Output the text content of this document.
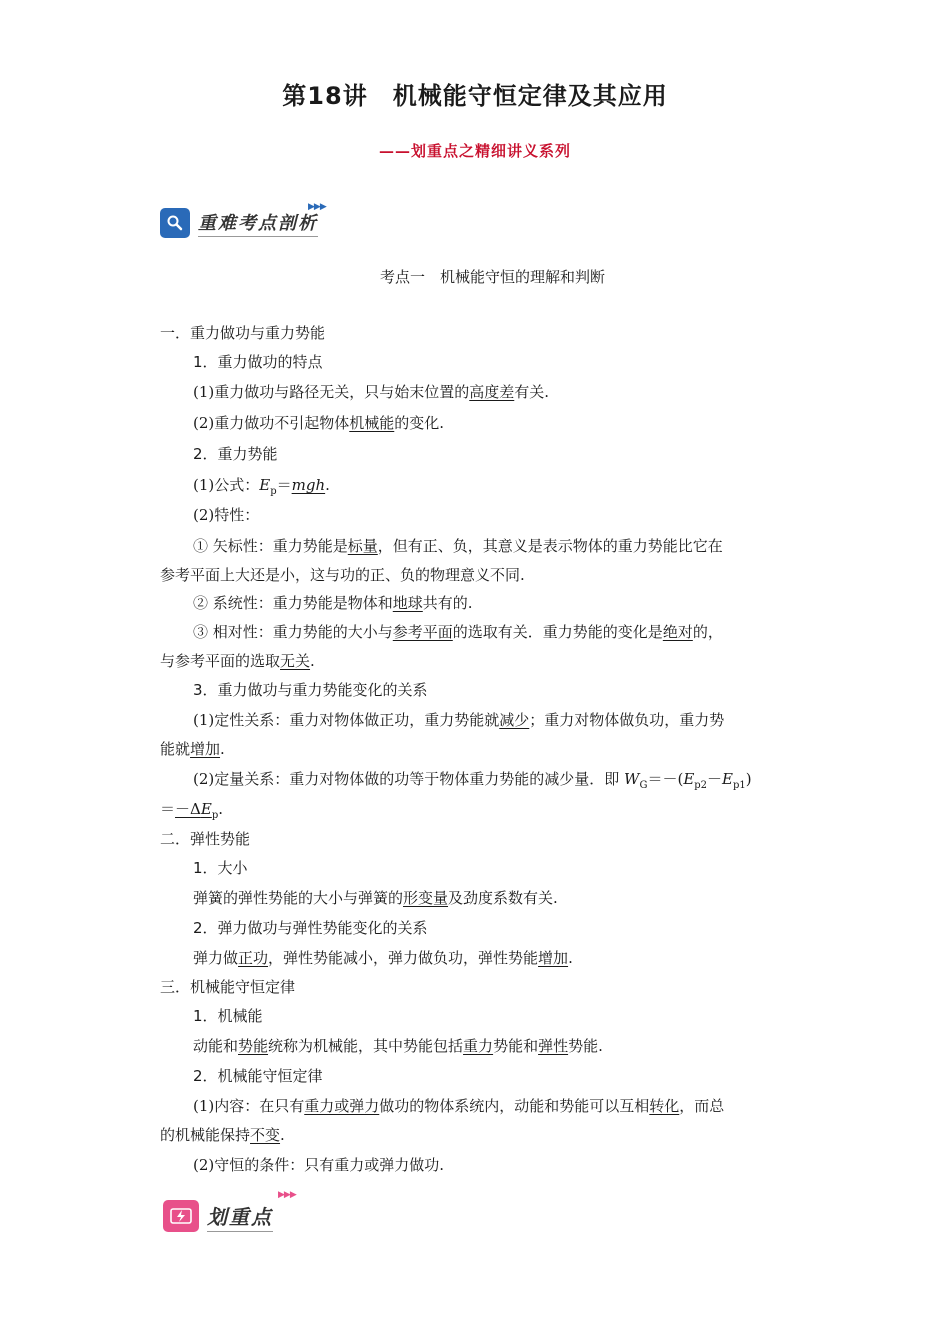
第18讲　机械能守恒定律及其应用
——划重点之精细讲义系列
▶▶▶
重难考点剖析
考点一　机械能守恒的理解和判断
一．重力做功与重力势能
1．重力做功的特点
(1)重力做功与路径无关，只与始末位置的高度差有关.
(2)重力做功不引起物体机械能的变化.
2．重力势能
(1)公式：$E_p=mgh$.
(2)特性：
① 矢标性：重力势能是标量，但有正、负，其意义是表示物体的重力势能比它在
参考平面上大还是小，这与功的正、负的物理意义不同.
② 系统性：重力势能是物体和地球共有的.
③ 相对性：重力势能的大小与参考平面的选取有关．重力势能的变化是绝对的，
与参考平面的选取无关.
3．重力做功与重力势能变化的关系
(1)定性关系：重力对物体做正功，重力势能就减少；重力对物体做负功，重力势
能就增加.
(2)定量关系：重力对物体做的功等于物体重力势能的减少量．即 $W_G=-(E_{p2}-E_{p1})$
$=-\Delta E_p$.
二．弹性势能
1．大小
弹簧的弹性势能的大小与弹簧的形变量及劲度系数有关.
2．弹力做功与弹性势能变化的关系
弹力做正功，弹性势能减小，弹力做负功，弹性势能增加.
三．机械能守恒定律
1．机械能
动能和势能统称为机械能，其中势能包括重力势能和弹性势能.
2．机械能守恒定律
(1)内容：在只有重力或弹力做功的物体系统内，动能和势能可以互相转化，而总
的机械能保持不变.
(2)守恒的条件：只有重力或弹力做功.
▶▶▶
划重点
